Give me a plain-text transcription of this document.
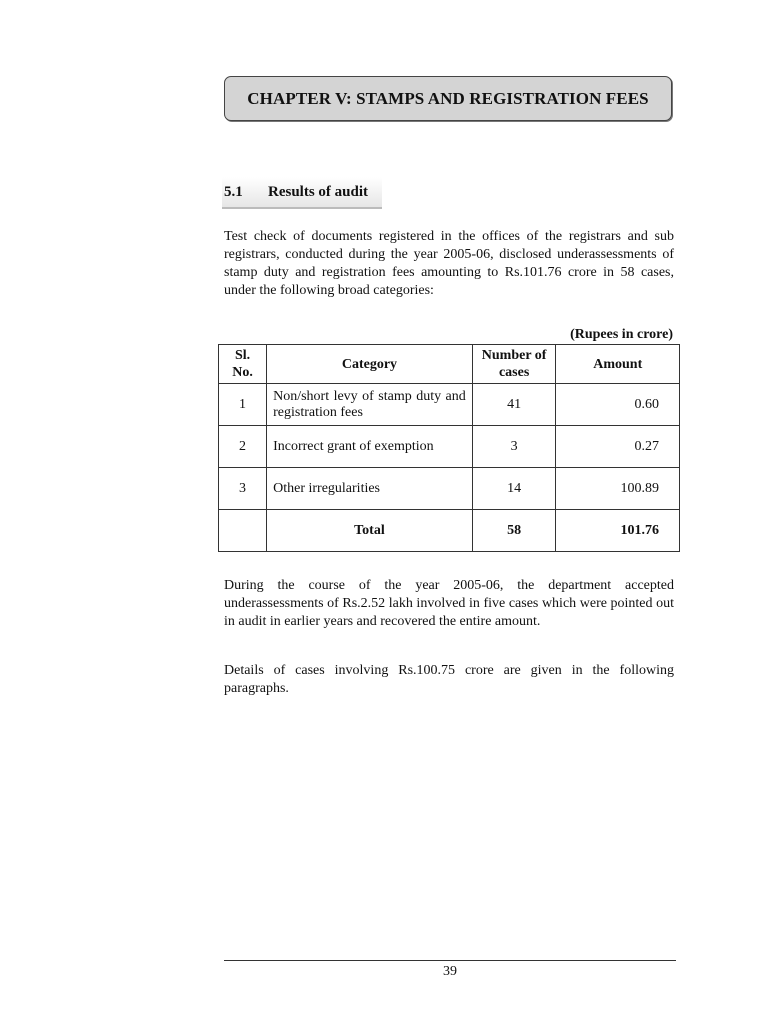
CHAPTER V: STAMPS AND REGISTRATION FEES
5.1	Results of audit

Test check of documents registered in the offices of the registrars and sub registrars, conducted during the year 2005-06, disclosed underassessments of stamp duty and registration fees amounting to Rs.101.76 crore in 58 cases, under the following broad categories:

(Rupees in crore)
Sl. No.	Category	Number of cases	Amount
1	Non/short levy of stamp duty and registration fees	41	0.60
2	Incorrect grant of exemption	3	0.27
3	Other irregularities	14	100.89
	Total	58	101.76

During the course of the year 2005-06, the department accepted underassessments of Rs.2.52 lakh involved in five cases which were pointed out in audit in earlier years and recovered the entire amount.

Details of cases involving Rs.100.75 crore are given in the following paragraphs.

39
